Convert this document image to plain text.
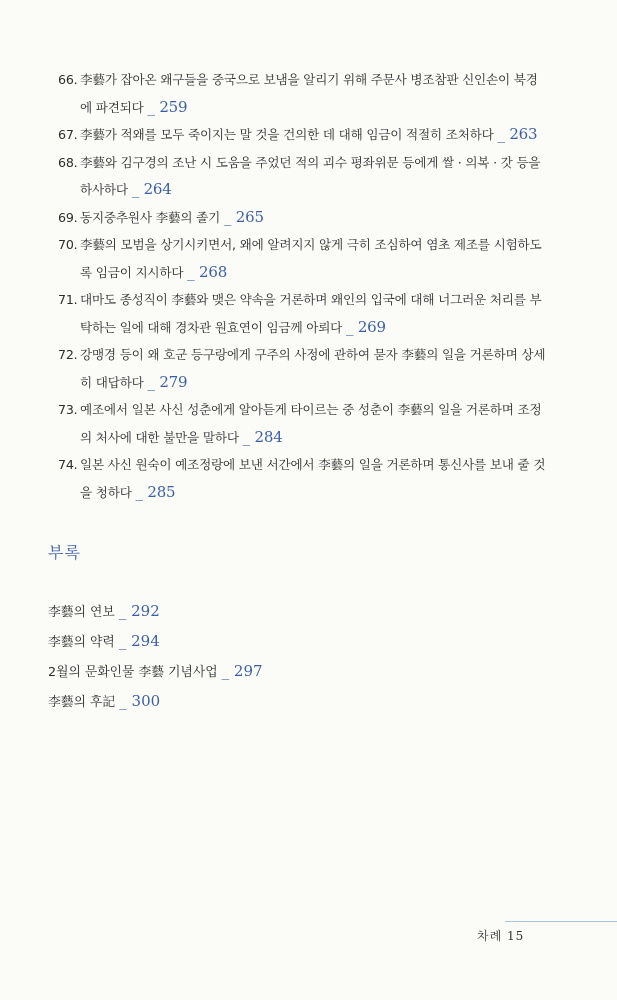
66. 李藝가 잡아온 왜구들을 중국으로 보냄을 알리기 위해 주문사 병조참판 신인손이 북경에 파견되다 _ 259
67. 李藝가 적왜를 모두 죽이지는 말 것을 건의한 데 대해 임금이 적절히 조처하다 _ 263
68. 李藝와 김구경의 조난 시 도움을 주었던 적의 괴수 평좌위문 등에게 쌀 · 의복 · 갓 등을 하사하다 _ 264
69. 동지중추원사 李藝의 졸기 _ 265
70. 李藝의 모범을 상기시키면서, 왜에 알려지지 않게 극히 조심하여 염초 제조를 시험하도록 임금이 지시하다 _ 268
71. 대마도 종성직이 李藝와 맺은 약속을 거론하며 왜인의 입국에 대해 너그러운 처리를 부탁하는 일에 대해 경차관 원효연이 임금께 아뢰다 _ 269
72. 강맹경 등이 왜 호군 등구랑에게 구주의 사정에 관하여 묻자 李藝의 일을 거론하며 상세히 대답하다 _ 279
73. 예조에서 일본 사신 성춘에게 알아듣게 타이르는 중 성춘이 李藝의 일을 거론하며 조정의 처사에 대한 불만을 말하다 _ 284
74. 일본 사신 원숙이 예조정랑에 보낸 서간에서 李藝의 일을 거론하며 통신사를 보내 줄 것을 청하다 _ 285
부록
李藝의 연보 _ 292
李藝의 약력 _ 294
2월의 문화인물 李藝 기념사업 _ 297
李藝의 후記 _ 300
차례 15
